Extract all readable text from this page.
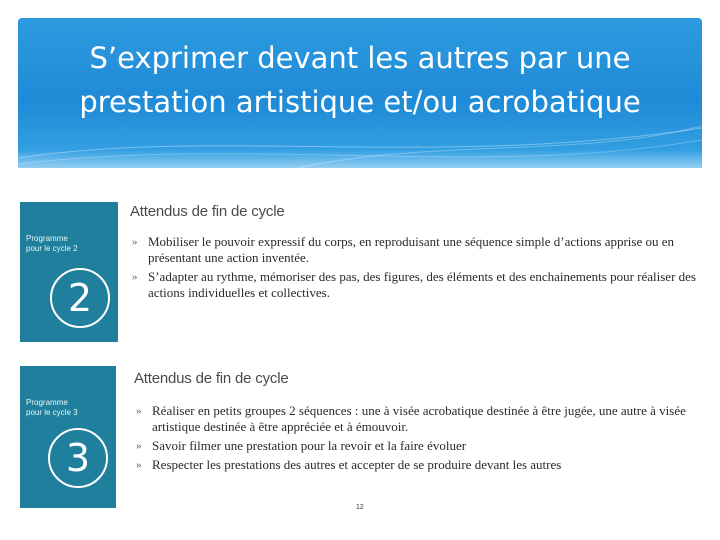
S’exprimer devant les autres par une
prestation artistique et/ou acrobatique
Programme
pour le cycle 2
2
Attendus de fin de cycle
» Mobiliser le pouvoir expressif du corps, en reproduisant une séquence simple d’actions apprise ou en présentant une action inventée.
» S’adapter au rythme, mémoriser des pas, des figures, des éléments et des enchainements pour réaliser des actions individuelles et collectives.
Programme
pour le cycle 3
3
Attendus de fin de cycle
» Réaliser en petits groupes 2 séquences : une à visée acrobatique destinée à être jugée, une autre à visée artistique destinée à être appréciée et à émouvoir.
» Savoir filmer une prestation pour la revoir et la faire évoluer
» Respecter les prestations des autres et accepter de se produire devant les autres
12
